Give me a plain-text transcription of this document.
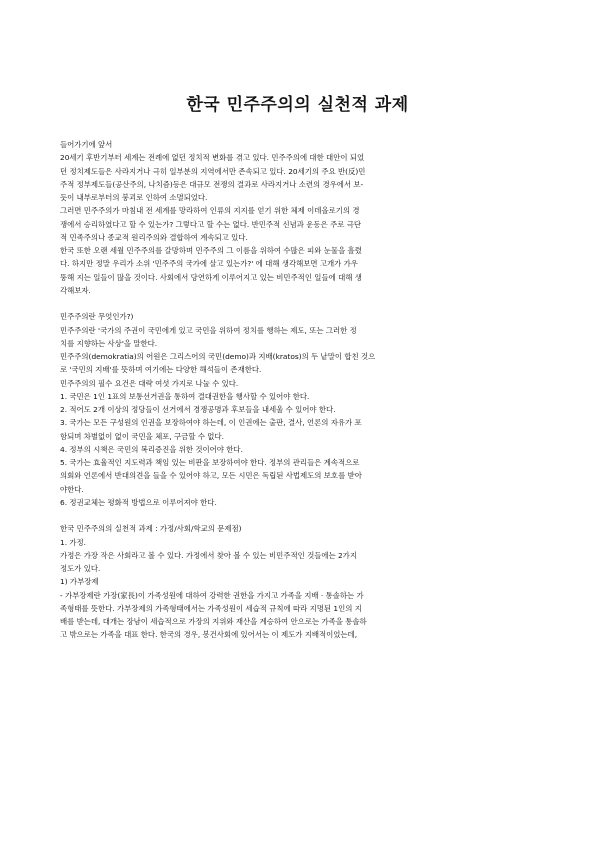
한국 민주주의의 실천적 과제

들어가기에 앞서

20세기 후반기부터 세계는 전례에 없던 정치적 변화를 겪고 있다. 민주주의에 대한 대안이 되었

던 정치제도들은 사라지거나 극히 일부분의 지역에서만 존속되고 있다. 20세기의 주요 반(反)민

주적 정부제도들(공산주의, 나치즘)등은 대규모 전쟁의 결과로 사라지거나 소련의 경우에서 보-

듯이 내부로부터의 붕괴로 인하여 소멸되었다.

그러면 민주주의가 마침내 전 세계를 망라하여 인류의 지지를 얻기 위한 체제 이데올로기의 경

쟁에서 승리하였다고 할 수 있는가? 그렇다고 할 수는 없다. 반민주적 신념과 운동은 주로 극단

적 민족주의나 종교적 원리주의와 결합하여 계속되고 있다.

한국 또한 오랜 세월 민주주의를 갈망하며 민주주의 그 이름을 위하여 수많은 피와 눈물을 흘렸

다. 하지만 정말 우리가 소위 '민주주의 국가에 살고 있는가?' 에 대해 생각해보면 고개가 가우

뚱해 지는 일들이 많을 것이다. 사회에서 당연하게 이루어지고 있는 비민주적인 일들에 대해 생

각해보자.

민주주의란 무엇인가?)

민주주의란 '국가의 주권이 국민에게 있고 국민을 위하여 정치를 행하는 제도, 또는 그러한 정

치를 지향하는 사상'을 말한다.

민주주의(demokratia)의 어원은 그리스어의 국민(demo)과 지배(kratos)의 두 낱말이 합친 것으

로 '국민의 지배'를 뜻하며 여기에는 다양한 해석들이 존재한다.

민주주의의 필수 요건은 대략 여섯 가지로 나눌 수 있다.

1. 국민은 1인 1표의 보통선거권을 통하여 결대권한을 행사할 수 있어야 한다.

2. 적어도 2개 이상의 정당들이 선거에서 경쟁공명과 후보들을 내세울 수 있어야 한다.

3. 국가는 모든 구성원의 인권을 보장하여야 하는데, 이 인권에는 출판, 결사, 언론의 자유가 포

함되며 차별없이 없이 국민을 체포, 구금할 수 없다.

4. 정부의 시책은 국민의 복리증진을 위한 것이어야 한다.

5. 국가는 효율적인 지도력과 책임 있는 비판을 보장하여야 한다. 정부의 관리들은 계속적으로

의회와 언론에서 반대의견을 들을 수 있어야 하고, 모든 시민은 독립된 사법제도의 보호를 받아

야한다.

6. 정권교체는 평화적 방법으로 이루어져야 한다.

한국 민주주의의 실천적 과제 : 가정/사회/학교의 문제점)

1. 가정.

가정은 가장 작은 사회라고 볼 수 있다. 가정에서 찾아 볼 수 있는 비민주적인 것들에는 2가지

정도가 있다.

1) 가부장제

- 가부장제란 가장(家長)이 가족성원에 대하여 강력한 권한을 가지고 가족을 지배 · 통솔하는 가

족형태를 뜻한다. 가부장제의 가족형태에서는 가족성원이 세습적 규칙에 따라 지명된 1인의 지

배를 받는데, 대개는 장남이 세습적으로 가장의 지위와 재산을 계승하여 안으로는 가족을 통솔하

고 밖으로는 가족을 대표 한다. 한국의 경우, 봉건사회에 있어서는 이 제도가 지배적이었는데,
